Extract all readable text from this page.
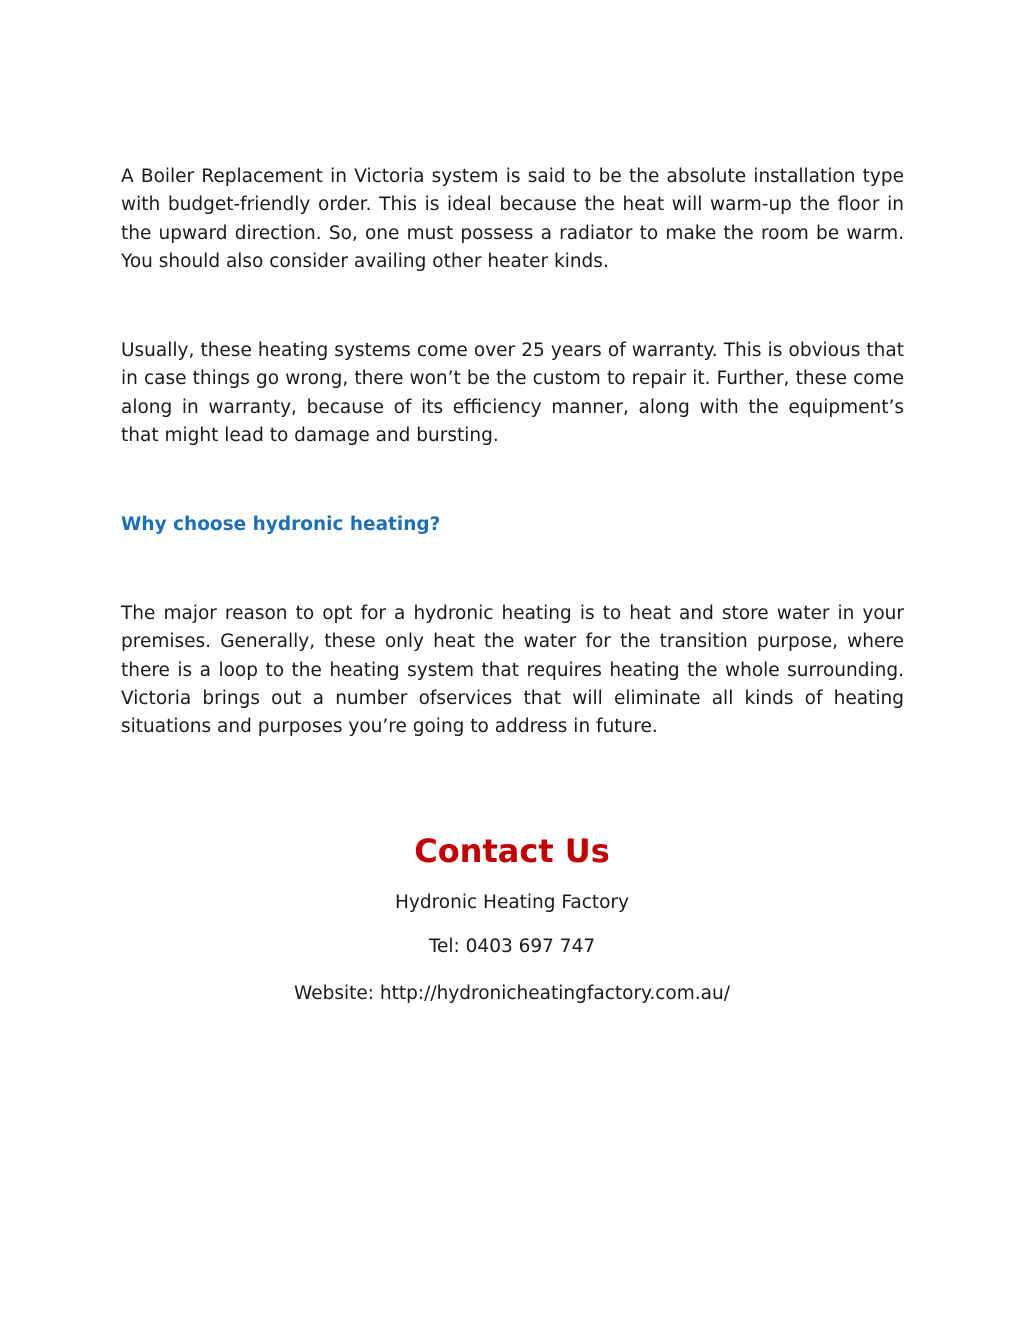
A Boiler Replacement in Victoria system is said to be the absolute installation type with budget-friendly order. This is ideal because the heat will warm-up the floor in the upward direction. So, one must possess a radiator to make the room be warm. You should also consider availing other heater kinds.

Usually, these heating systems come over 25 years of warranty. This is obvious that in case things go wrong, there won’t be the custom to repair it. Further, these come along in warranty, because of its efficiency manner, along with the equipment’s that might lead to damage and bursting.

Why choose hydronic heating?

The major reason to opt for a hydronic heating is to heat and store water in your premises. Generally, these only heat the water for the transition purpose, where there is a loop to the heating system that requires heating the whole surrounding. Victoria brings out a number ofservices that will eliminate all kinds of heating situations and purposes you’re going to address in future.

Contact Us

Hydronic Heating Factory

Tel: 0403 697 747

Website: http://hydronicheatingfactory.com.au/
